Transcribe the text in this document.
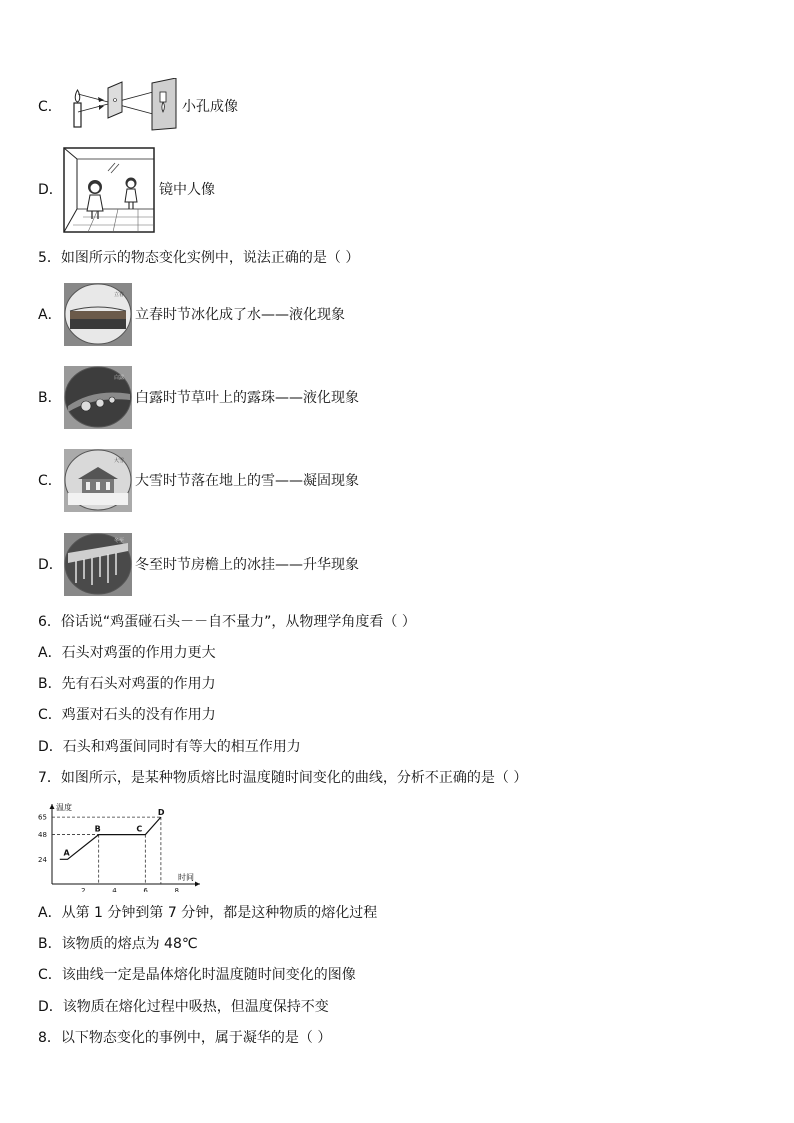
C．	小孔成像
D．	镜中人像
5．如图所示的物态变化实例中，说法正确的是（ ）
A．
立春
立春时节冰化成了水——液化现象
B．
白露
白露时节草叶上的露珠——液化现象
C．
大雪
大雪时节落在地上的雪——凝固现象
D．
冬至
冬至时节房檐上的冰挂——升华现象
6．俗话说“鸡蛋碰石头－－自不量力”，从物理学角度看（ ）
A．石头对鸡蛋的作用力更大
B．先有石头对鸡蛋的作用力
C．鸡蛋对石头的没有作用力
D．石头和鸡蛋间同时有等大的相互作用力
7．如图所示，是某种物质熔比时温度随时间变化的曲线，分析不正确的是（ ）
2	4	6	8
24
48
65
A
B	C
D
温度
时间
A．从第 1 分钟到第 7 分钟，都是这种物质的熔化过程
B．该物质的熔点为 48℃
C．该曲线一定是晶体熔化时温度随时间变化的图像
D．该物质在熔化过程中吸热，但温度保持不变
8．以下物态变化的事例中，属于凝华的是（ ）
